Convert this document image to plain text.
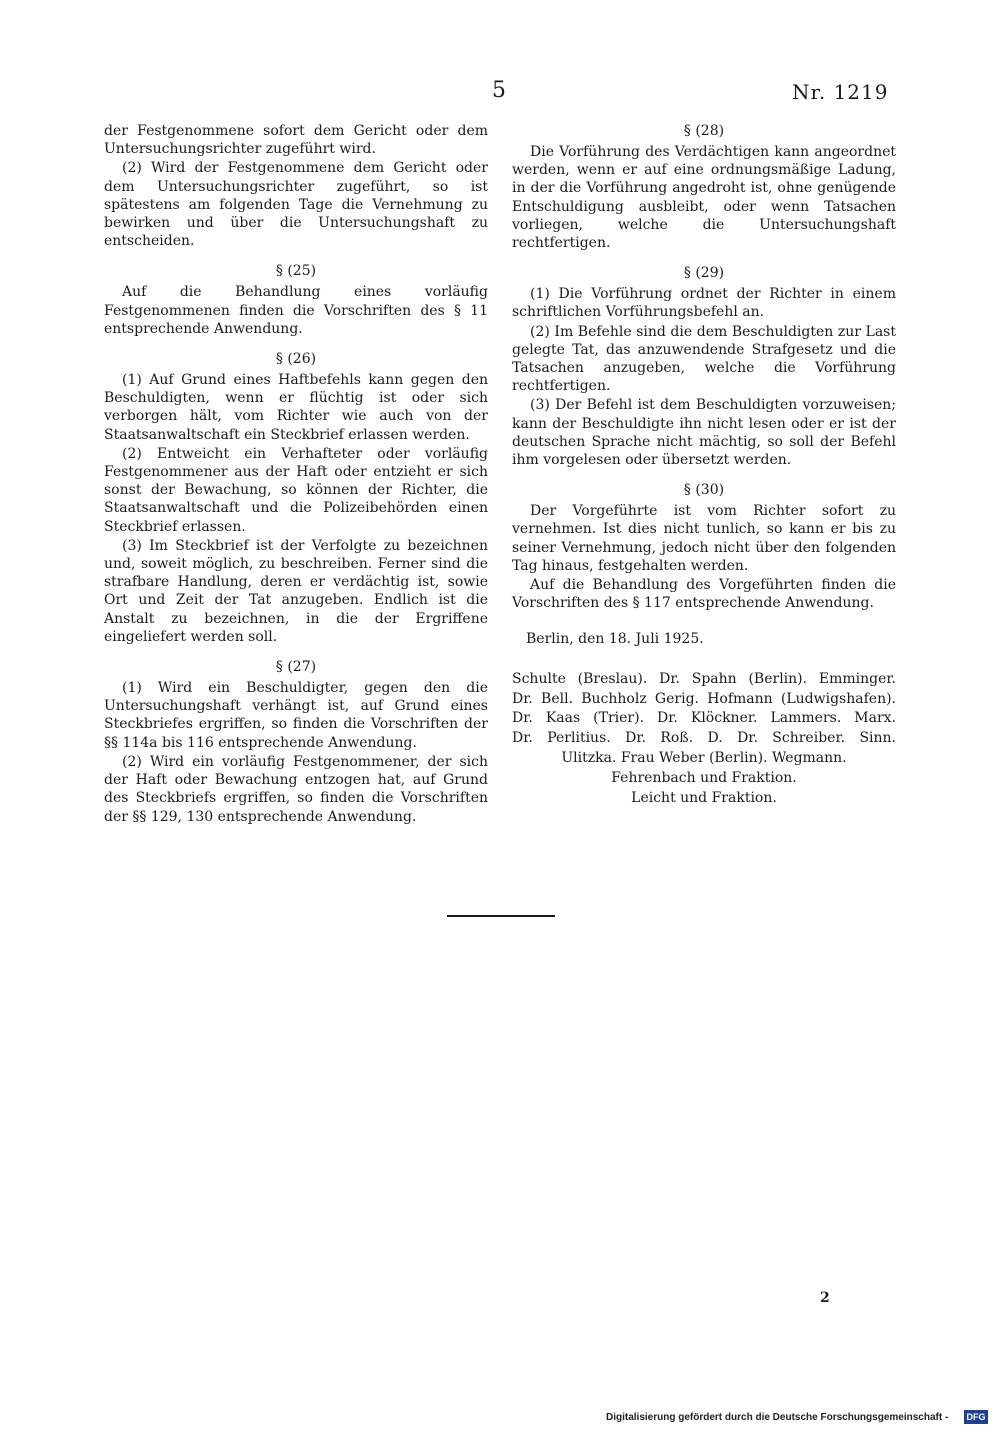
5	Nr. 1219

der Festgenommene sofort dem Gericht oder dem Untersuchungsrichter zugeführt wird.

(2) Wird der Festgenommene dem Gericht oder dem Untersuchungsrichter zugeführt, so ist spätestens am folgenden Tage die Vernehmung zu bewirken und über die Untersuchungshaft zu entscheiden.

§ (25)

Auf die Behandlung eines vorläufig Festgenommenen finden die Vorschriften des § 11 entsprechende Anwendung.

§ (26)

(1) Auf Grund eines Haftbefehls kann gegen den Beschuldigten, wenn er flüchtig ist oder sich verborgen hält, vom Richter wie auch von der Staatsanwaltschaft ein Steckbrief erlassen werden.

(2) Entweicht ein Verhafteter oder vorläufig Festgenommener aus der Haft oder entzieht er sich sonst der Bewachung, so können der Richter, die Staatsanwaltschaft und die Polizeibehörden einen Steckbrief erlassen.

(3) Im Steckbrief ist der Verfolgte zu bezeichnen und, soweit möglich, zu beschreiben. Ferner sind die strafbare Handlung, deren er verdächtig ist, sowie Ort und Zeit der Tat anzugeben. Endlich ist die Anstalt zu bezeichnen, in die der Ergriffene eingeliefert werden soll.

§ (27)

(1) Wird ein Beschuldigter, gegen den die Untersuchungshaft verhängt ist, auf Grund eines Steckbriefes ergriffen, so finden die Vorschriften der §§ 114a bis 116 entsprechende Anwendung.

(2) Wird ein vorläufig Festgenommener, der sich der Haft oder Bewachung entzogen hat, auf Grund des Steckbriefs ergriffen, so finden die Vorschriften der §§ 129, 130 entsprechende Anwendung.

§ (28)

Die Vorführung des Verdächtigen kann angeordnet werden, wenn er auf eine ordnungsmäßige Ladung, in der die Vorführung angedroht ist, ohne genügende Entschuldigung ausbleibt, oder wenn Tatsachen vorliegen, welche die Untersuchungshaft rechtfertigen.

§ (29)

(1) Die Vorführung ordnet der Richter in einem schriftlichen Vorführungsbefehl an.

(2) Im Befehle sind die dem Beschuldigten zur Last gelegte Tat, das anzuwendende Strafgesetz und die Tatsachen anzugeben, welche die Vorführung rechtfertigen.

(3) Der Befehl ist dem Beschuldigten vorzuweisen; kann der Beschuldigte ihn nicht lesen oder er ist der deutschen Sprache nicht mächtig, so soll der Befehl ihm vorgelesen oder übersetzt werden.

§ (30)

Der Vorgeführte ist vom Richter sofort zu vernehmen. Ist dies nicht tunlich, so kann er bis zu seiner Vernehmung, jedoch nicht über den folgenden Tag hinaus, festgehalten werden.

Auf die Behandlung des Vorgeführten finden die Vorschriften des § 117 entsprechende Anwendung.

Berlin, den 18. Juli 1925.
Schulte (Breslau). Dr. Spahn (Berlin). Emminger.
Dr. Bell. Buchholz Gerig. Hofmann (Ludwigshafen).
Dr. Kaas (Trier). Dr. Klöckner. Lammers. Marx.
Dr. Perlitius. Dr. Roß. D. Dr. Schreiber. Sinn.
Ulitzka. Frau Weber (Berlin). Wegmann.
Fehrenbach und Fraktion.
Leicht und Fraktion.
2
Digitalisierung gefördert durch die Deutsche Forschungsgemeinschaft - DFG
